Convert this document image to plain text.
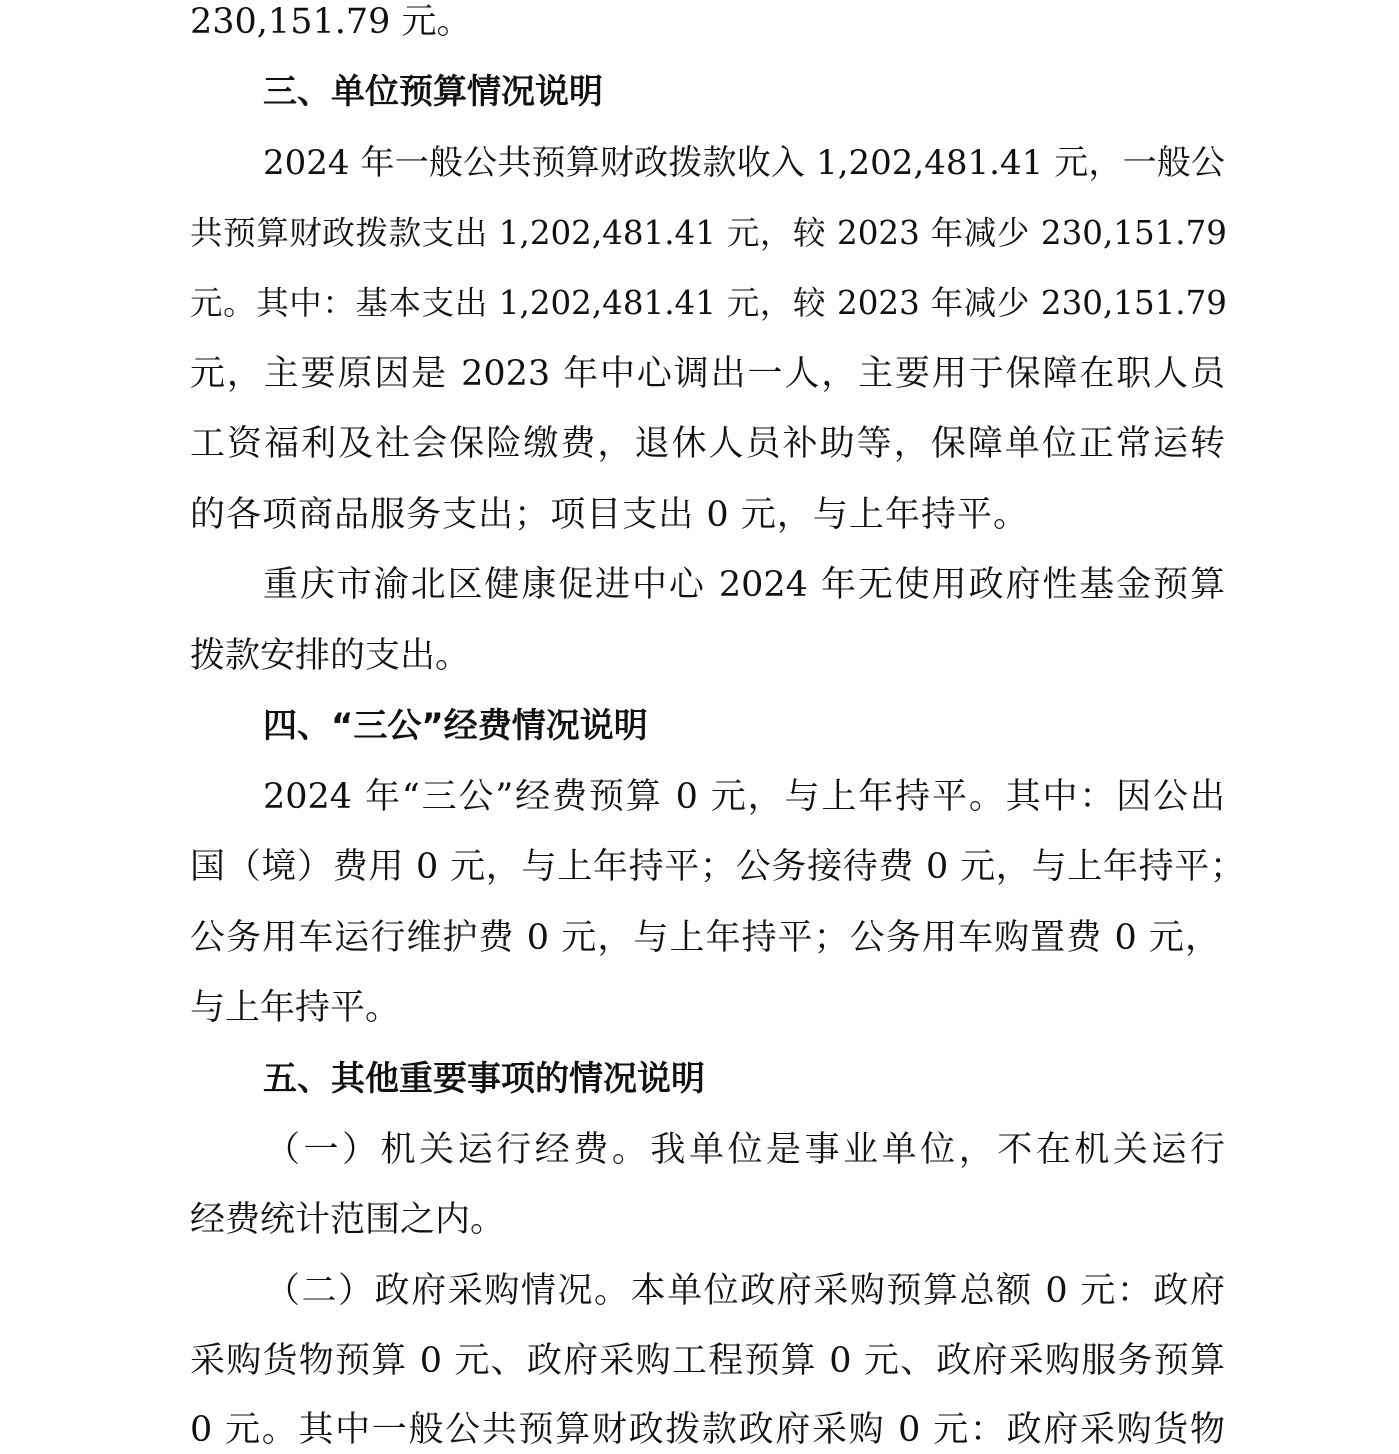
230,151.79 元。
三、单位预算情况说明
2024 年一般公共预算财政拨款收入 1,202,481.41 元，一般公
共预算财政拨款支出 1,202,481.41 元，较 2023 年减少 230,151.79
元。其中：基本支出 1,202,481.41 元，较 2023 年减少 230,151.79
元，主要原因是 2023 年中心调出一人，主要用于保障在职人员
工资福利及社会保险缴费，退休人员补助等，保障单位正常运转
的各项商品服务支出；项目支出 0 元，与上年持平。
重庆市渝北区健康促进中心 2024 年无使用政府性基金预算
拨款安排的支出。
四、“三公”经费情况说明
2024 年“三公”经费预算 0 元，与上年持平。其中：因公出
国（境）费用 0 元，与上年持平；公务接待费 0 元，与上年持平；
公务用车运行维护费 0 元，与上年持平；公务用车购置费 0 元，
与上年持平。
五、其他重要事项的情况说明
（一）机关运行经费。我单位是事业单位，不在机关运行
经费统计范围之内。
（二）政府采购情况。本单位政府采购预算总额 0 元：政府
采购货物预算 0 元、政府采购工程预算 0 元、政府采购服务预算
0 元。其中一般公共预算财政拨款政府采购 0 元：政府采购货物
